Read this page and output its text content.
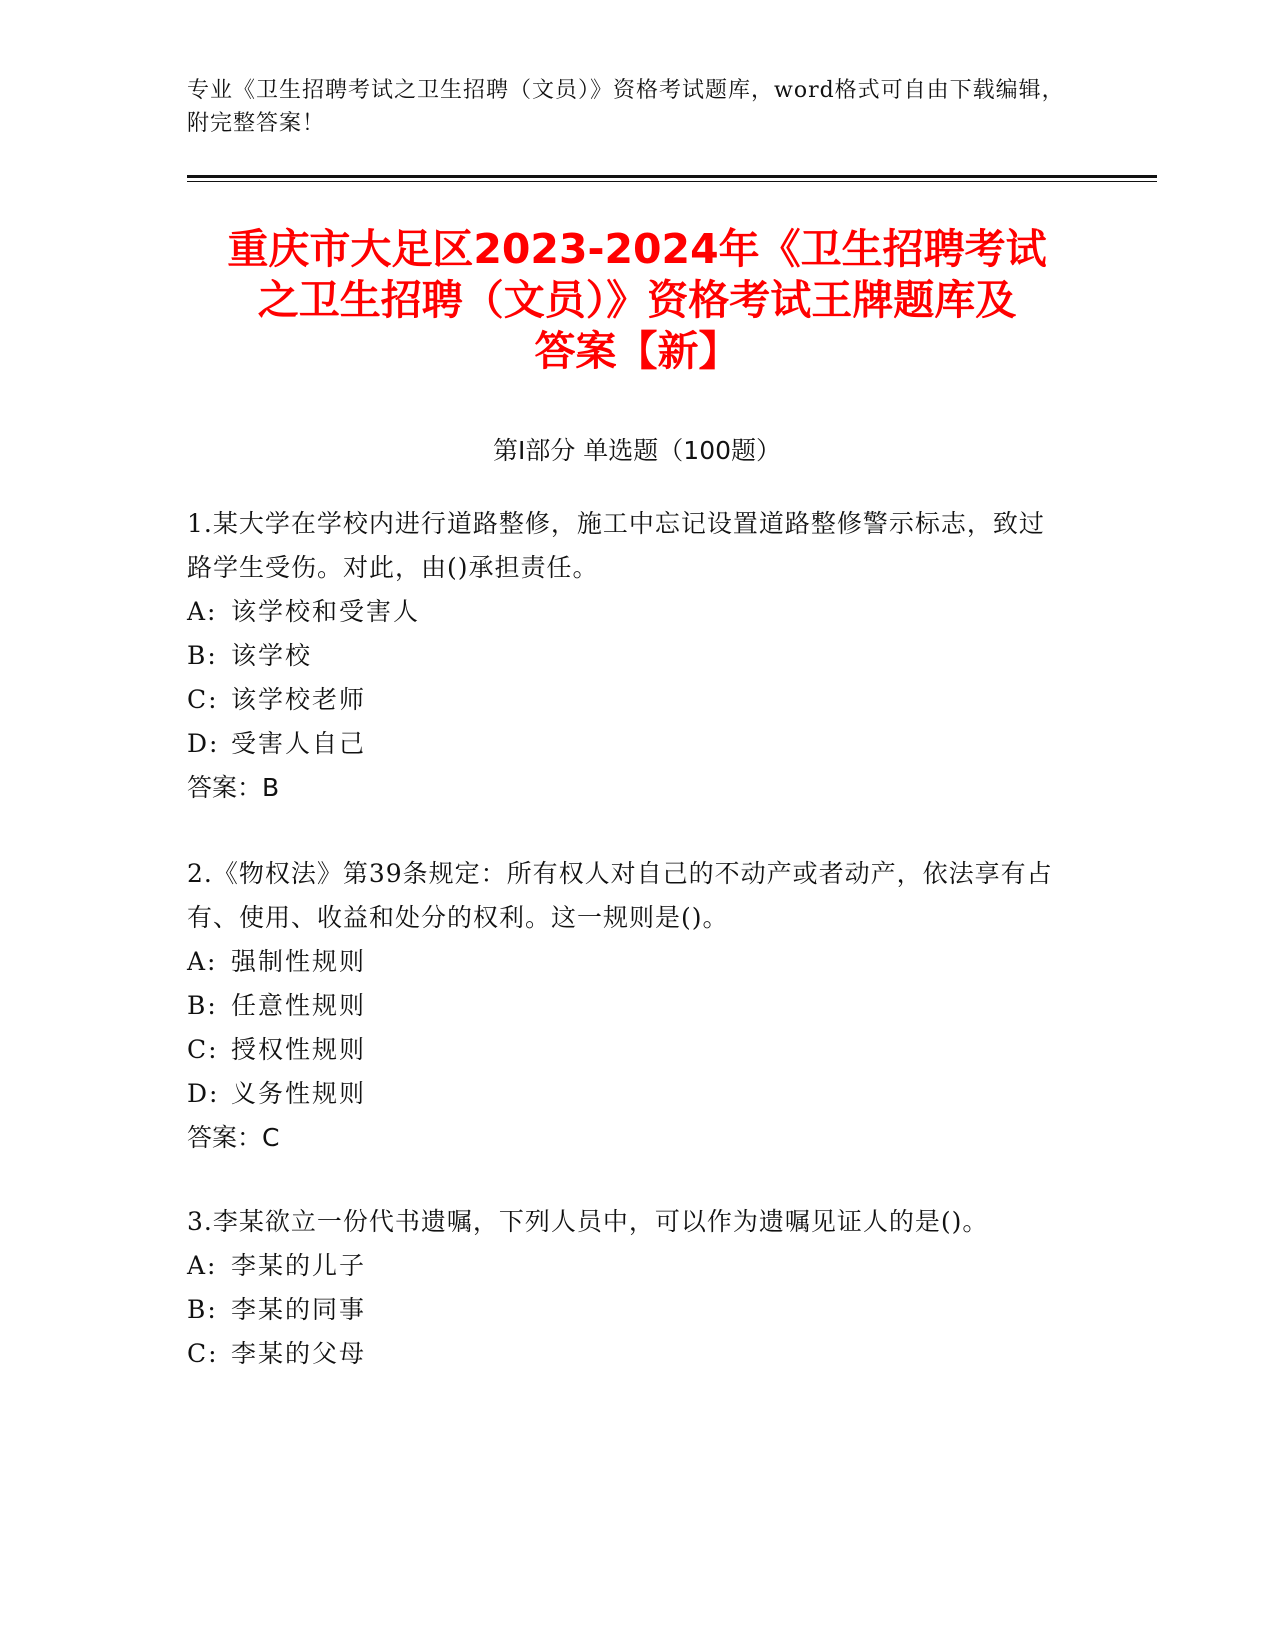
专业《卫生招聘考试之卫生招聘（文员）》资格考试题库，word格式可自由下载编辑，附完整答案！
重庆市大足区2023-2024年《卫生招聘考试
之卫生招聘（文员）》资格考试王牌题库及
答案【新】
第Ⅰ部分 单选题（100题）

1.某大学在学校内进行道路整修，施工中忘记设置道路整修警示标志，致过路学生受伤。对此，由()承担责任。

A: 该学校和受害人

B: 该学校

C: 该学校老师

D: 受害人自己

答案：B

2.《物权法》第39条规定：所有权人对自己的不动产或者动产，依法享有占有、使用、收益和处分的权利。这一规则是()。

A: 强制性规则

B: 任意性规则

C: 授权性规则

D: 义务性规则

答案：C

3.李某欲立一份代书遗嘱，下列人员中，可以作为遗嘱见证人的是()。

A: 李某的儿子

B: 李某的同事

C: 李某的父母
